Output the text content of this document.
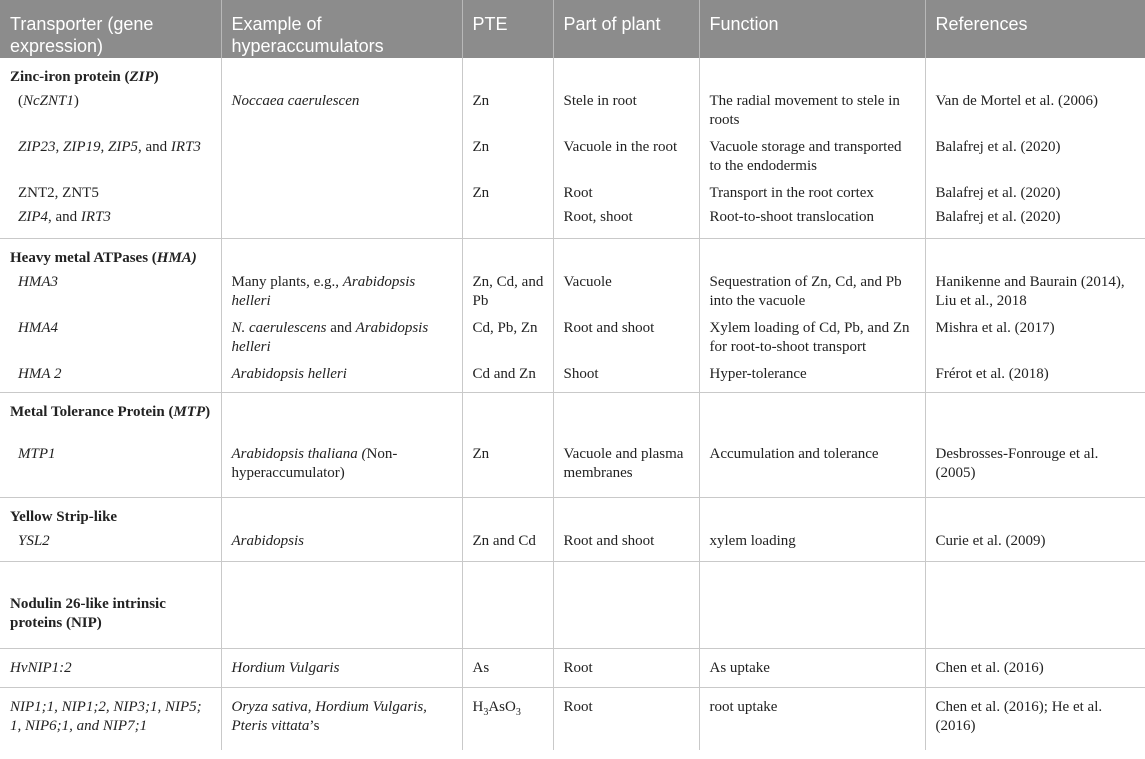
Transporter (gene expression)	Example of hyperaccumulators	PTE	Part of plant	Function	References
Zinc-iron protein (ZIP)					
(NcZNT1)	Noccaea caerulescen	Zn	Stele in root	The radial movement to stele in roots	Van de Mortel et al. (2006)
ZIP23, ZIP19, ZIP5, and IRT3		Zn	Vacuole in the root	Vacuole storage and transported to the endodermis	Balafrej et al. (2020)
ZNT2, ZNT5		Zn	Root	Transport in the root cortex	Balafrej et al. (2020)
ZIP4, and IRT3			Root, shoot	Root-to-shoot translocation	Balafrej et al. (2020)
Heavy metal ATPases (HMA)					
HMA3	Many plants, e.g., Arabidopsis helleri	Zn, Cd, and Pb	Vacuole	Sequestration of Zn, Cd, and Pb into the vacuole	Hanikenne and Baurain (2014), Liu et al., 2018
HMA4	N. caerulescens and Arabidopsis helleri	Cd, Pb, Zn	Root and shoot	Xylem loading of Cd, Pb, and Zn for root-to-shoot transport	Mishra et al. (2017)
HMA 2	Arabidopsis helleri	Cd and Zn	Shoot	Hyper-tolerance	Frérot et al. (2018)
Metal Tolerance Protein (MTP)					
MTP1	Arabidopsis thaliana (Non-hyperaccumulator)	Zn	Vacuole and plasma membranes	Accumulation and tolerance	Desbrosses-Fonrouge et al. (2005)
Yellow Strip-like					
YSL2	Arabidopsis	Zn and Cd	Root and shoot	xylem loading	Curie et al. (2009)
Nodulin 26-like intrinsic proteins (NIP)					
HvNIP1:2	Hordium Vulgaris	As	Root	As uptake	Chen et al. (2016)
NIP1;1, NIP1;2, NIP3;1, NIP5; 1, NIP6;1, and NIP7;1	Oryza sativa, Hordium Vulgaris, Pteris vittata’s	$H_3AsO_3$	Root	root uptake	Chen et al. (2016); He et al. (2016)
